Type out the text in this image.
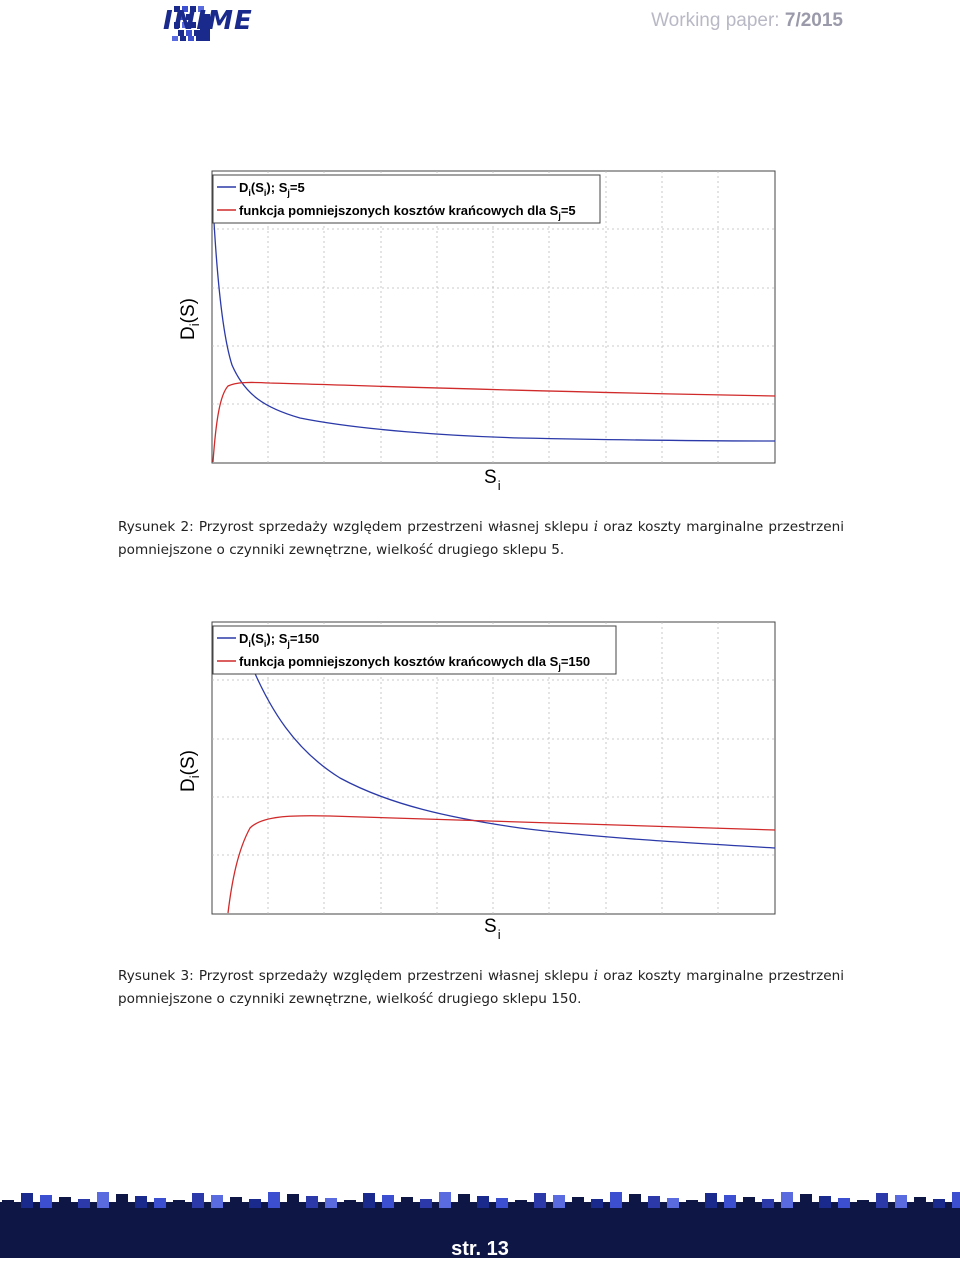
INIME	Working paper: 7/2015
$D_i(S_i)$; $S_j=5$
funkcja pomniejszonych kosztów krańcowych dla $S_j=5$
$D_i(S)$
$S_i$
Rysunek 2: Przyrost sprzedaży względem przestrzeni własnej sklepu i oraz koszty marginalne przestrzeni pomniejszone o czynniki zewnętrzne, wielkość drugiego sklepu 5.
$D_i(S_i)$; $S_j=150$
funkcja pomniejszonych kosztów krańcowych dla $S_j=150$
$D_i(S)$
$S_i$
Rysunek 3: Przyrost sprzedaży względem przestrzeni własnej sklepu i oraz koszty marginalne przestrzeni pomniejszone o czynniki zewnętrzne, wielkość drugiego sklepu 150.
str. 13
